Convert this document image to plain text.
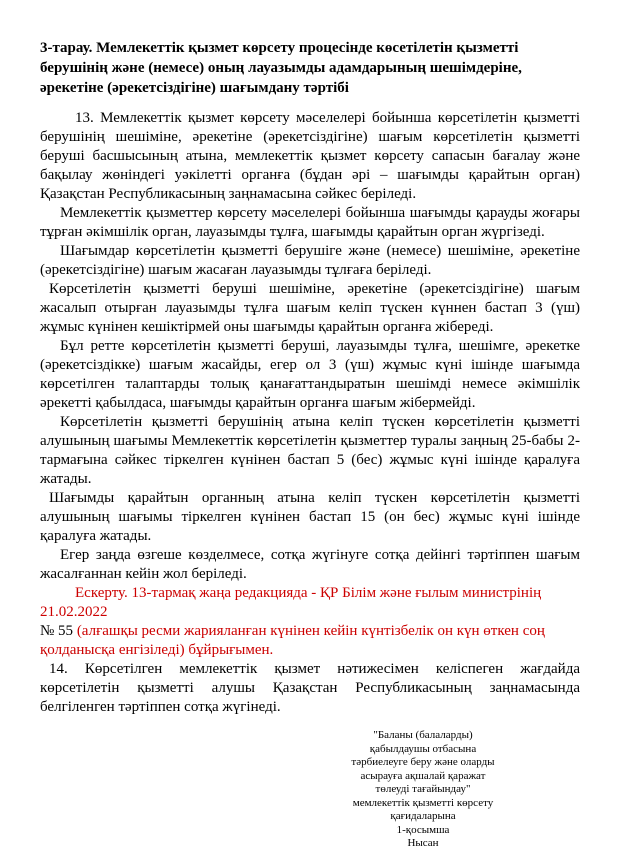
3-тарау. Мемлекеттік қызмет көрсету процесінде көсетілетін қызметті берушінің және (немесе) оның лауазымды адамдарының шешімдеріне, әрекетіне (әрекетсіздігіне) шағымдану тәртібі

13. Мемлекеттік қызмет көрсету мәселелері бойынша көрсетілетін қызметті берушінің шешіміне, әрекетіне (әрекетсіздігіне) шағым көрсетілетін қызметті беруші басшысының атына, мемлекеттік қызмет көрсету сапасын бағалау және бақылау жөніндегі уәкілетті органға (бұдан әрі – шағымды қарайтын орган) Қазақстан Республикасының заңнамасына сәйкес беріледі.

Мемлекеттік қызметтер көрсету мәселелері бойынша шағымды қарауды жоғары тұрған әкімшілік орган, лауазымды тұлға, шағымды қарайтын орган жүргізеді.

Шағымдар көрсетілетін қызметті берушіге және (немесе) шешіміне, әрекетіне (әрекетсіздігіне) шағым жасаған лауазымды тұлғаға беріледі.

Көрсетілетін қызметті беруші шешіміне, әрекетіне (әрекетсіздігіне) шағым жасалып отырған лауазымды тұлға шағым келіп түскен күннен бастап 3 (үш) жұмыс күнінен кешіктірмей оны шағымды қарайтын органға жібереді.

Бұл ретте көрсетілетін қызметті беруші, лауазымды тұлға, шешімге, әрекетке (әрекетсіздікке) шағым жасайды, егер ол 3 (үш) жұмыс күні ішінде шағымда көрсетілген талаптарды толық қанағаттандыратын шешімді немесе әкімшілік әрекетті қабылдаса, шағымды қарайтын органға шағым жібермейді.

Көрсетілетін қызметті берушінің атына келіп түскен көрсетілетін қызметті алушының шағымы Мемлекеттік көрсетілетін қызметтер туралы заңның 25-бабы 2-тармағына сәйкес тіркелген күнінен бастап 5 (бес) жұмыс күні ішінде қаралуға жатады.

Шағымды қарайтын органның атына келіп түскен көрсетілетін қызметті алушының шағымы тіркелген күнінен бастап 15 (он бес) жұмыс күні ішінде қаралуға жатады.

Егер заңда өзгеше көзделмесе, сотқа жүгінуге сотқа дейінгі тәртіппен шағым жасалғаннан кейін жол беріледі.

Ескерту. 13-тармақ жаңа редакцияда - ҚР Білім және ғылым министрінің 21.02.2022
№ 55 (алғашқы ресми жарияланған күнінен кейін күнтізбелік он күн өткен соң
қолданысқа енгізіледі) бұйрығымен.

14. Көрсетілген мемлекеттік қызмет нәтижесімен келіспеген жағдайда көрсетілетін қызметті алушы Қазақстан Республикасының заңнамасында белгіленген тәртіппен сотқа жүгінеді.

"Баланы (балаларды)
қабылдаушы отбасына
тәрбиелеуге беру және оларды
асырауға ақшалай қаражат
төлеуді тағайындау"
мемлекеттік қызметті көрсету
қағидаларына
1-қосымша
Нысан
